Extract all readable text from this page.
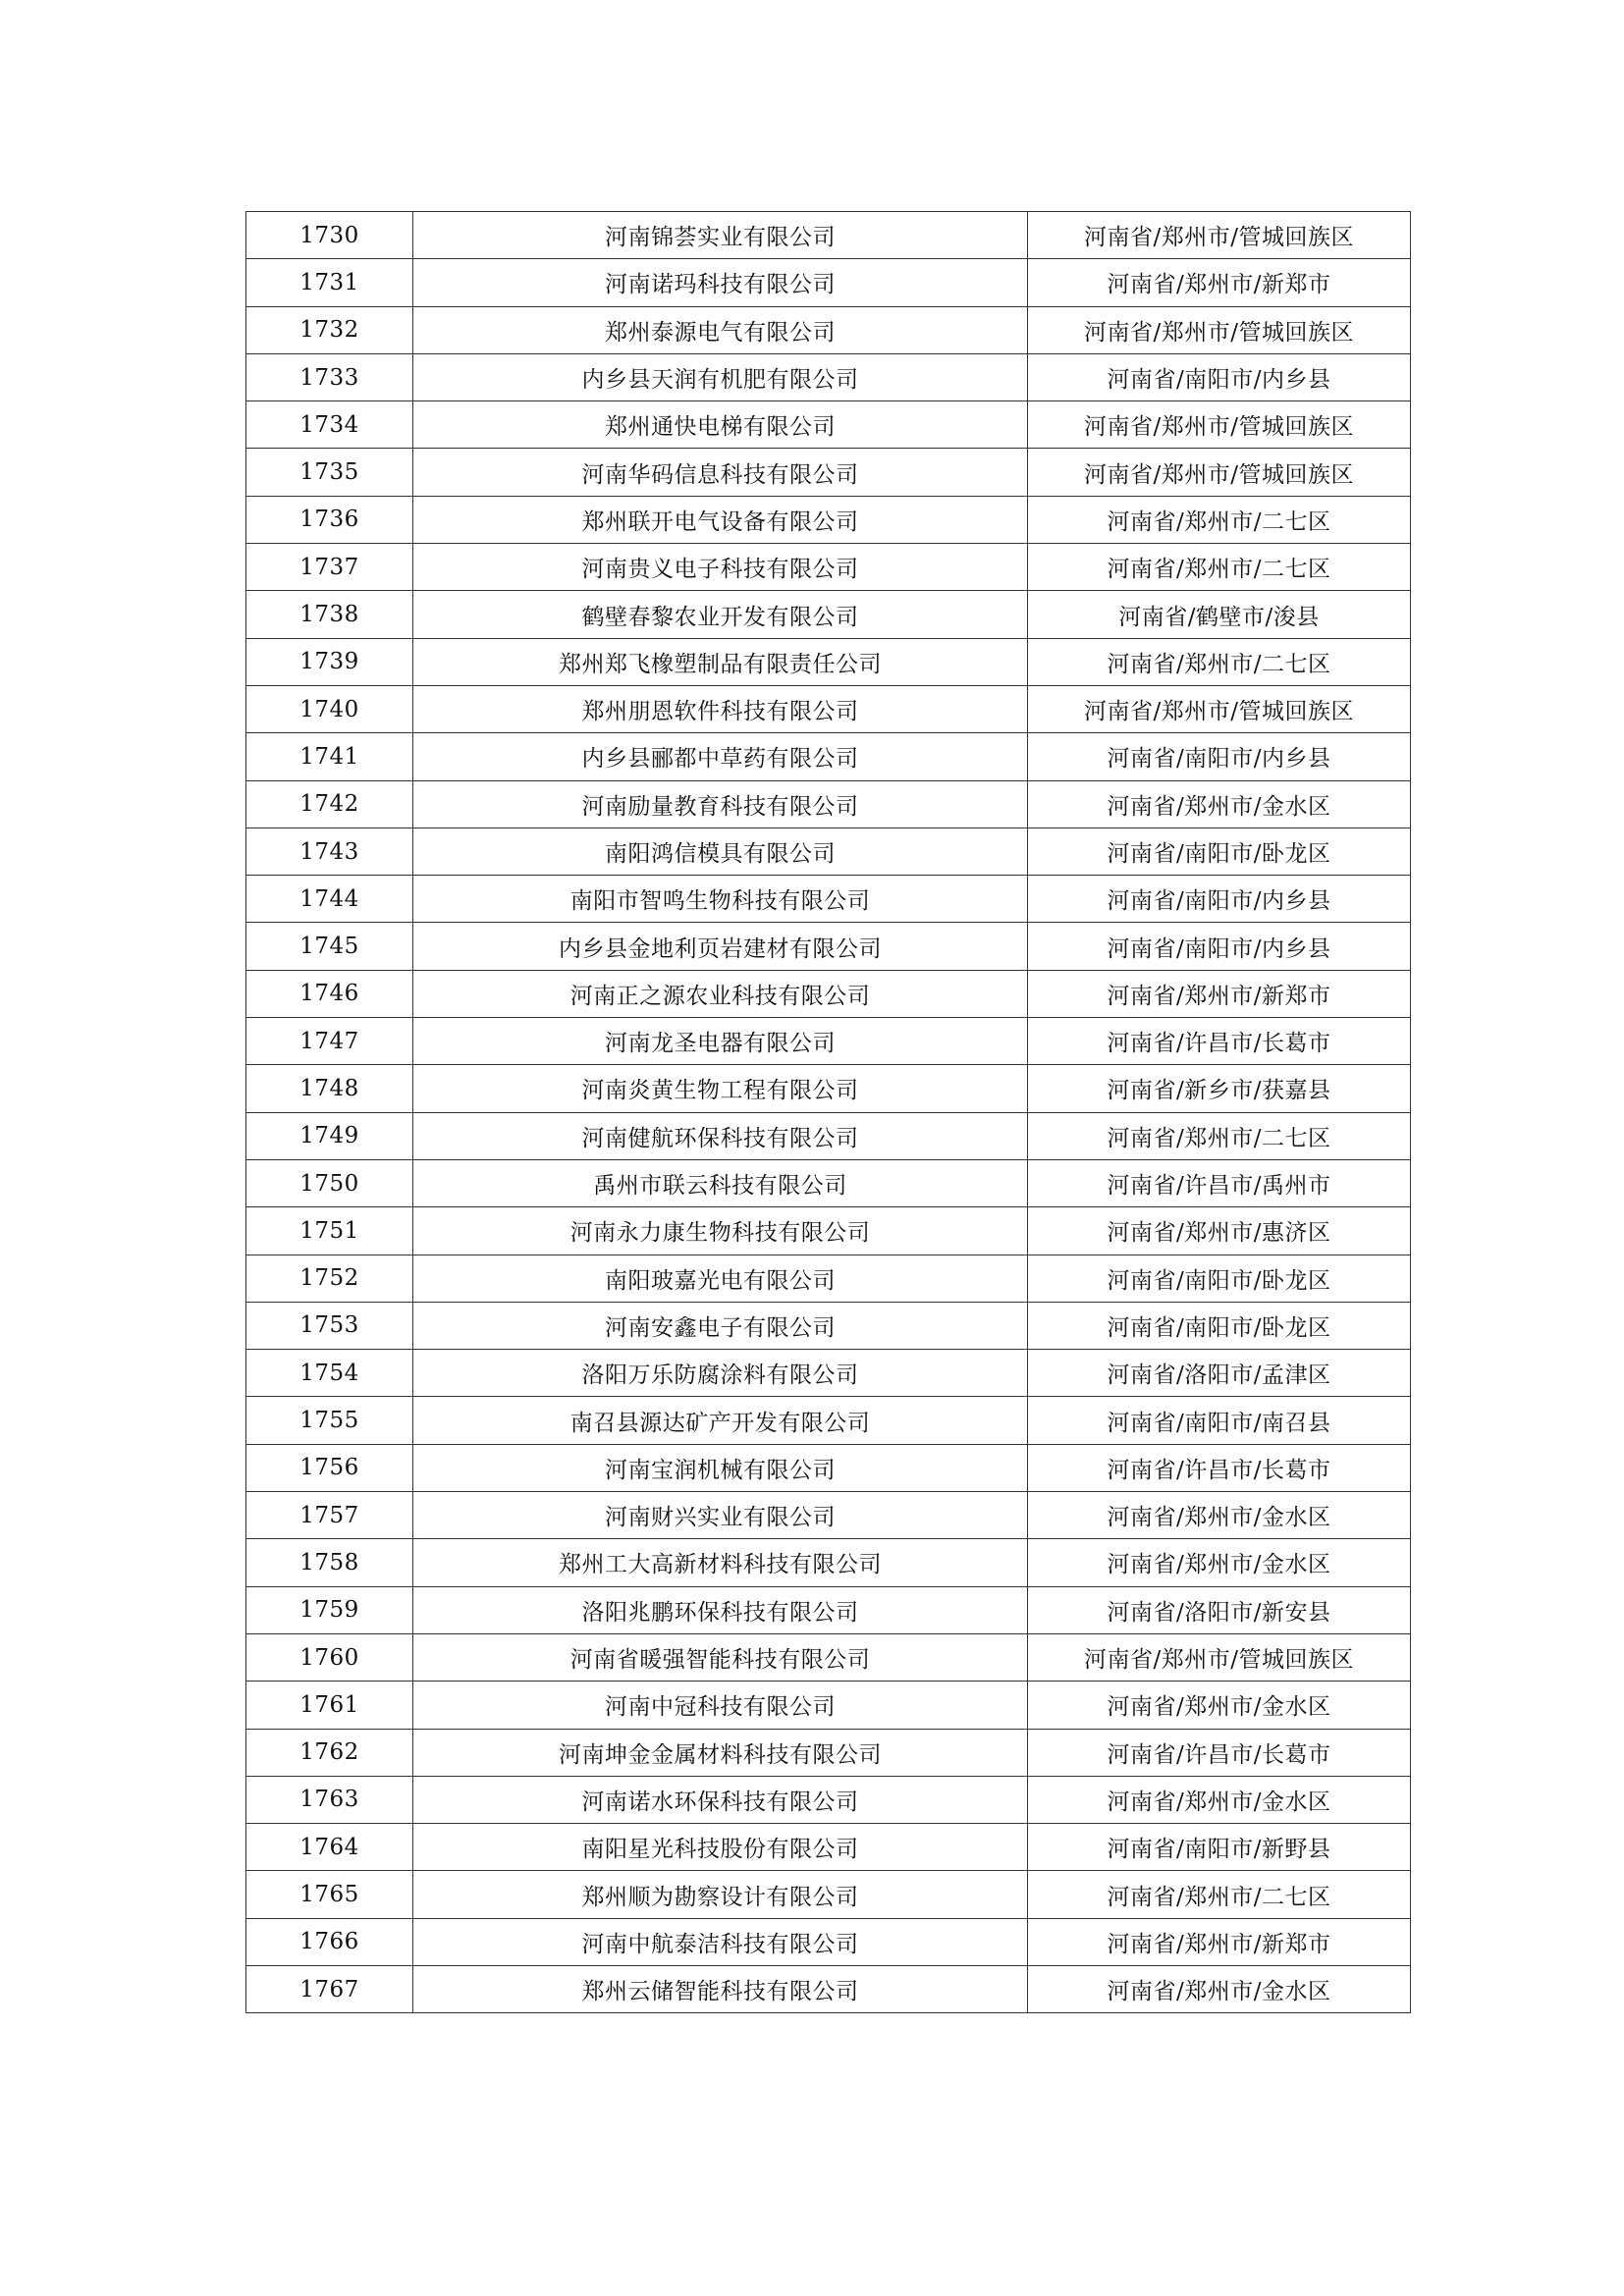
1730	河南锦荟实业有限公司	河南省/郑州市/管城回族区
1731	河南诺玛科技有限公司	河南省/郑州市/新郑市
1732	郑州泰源电气有限公司	河南省/郑州市/管城回族区
1733	内乡县天润有机肥有限公司	河南省/南阳市/内乡县
1734	郑州通快电梯有限公司	河南省/郑州市/管城回族区
1735	河南华码信息科技有限公司	河南省/郑州市/管城回族区
1736	郑州联开电气设备有限公司	河南省/郑州市/二七区
1737	河南贵义电子科技有限公司	河南省/郑州市/二七区
1738	鹤壁春黎农业开发有限公司	河南省/鹤壁市/浚县
1739	郑州郑飞橡塑制品有限责任公司	河南省/郑州市/二七区
1740	郑州朋恩软件科技有限公司	河南省/郑州市/管城回族区
1741	内乡县郦都中草药有限公司	河南省/南阳市/内乡县
1742	河南励量教育科技有限公司	河南省/郑州市/金水区
1743	南阳鸿信模具有限公司	河南省/南阳市/卧龙区
1744	南阳市智鸣生物科技有限公司	河南省/南阳市/内乡县
1745	内乡县金地利页岩建材有限公司	河南省/南阳市/内乡县
1746	河南正之源农业科技有限公司	河南省/郑州市/新郑市
1747	河南龙圣电器有限公司	河南省/许昌市/长葛市
1748	河南炎黄生物工程有限公司	河南省/新乡市/获嘉县
1749	河南健航环保科技有限公司	河南省/郑州市/二七区
1750	禹州市联云科技有限公司	河南省/许昌市/禹州市
1751	河南永力康生物科技有限公司	河南省/郑州市/惠济区
1752	南阳玻嘉光电有限公司	河南省/南阳市/卧龙区
1753	河南安鑫电子有限公司	河南省/南阳市/卧龙区
1754	洛阳万乐防腐涂料有限公司	河南省/洛阳市/孟津区
1755	南召县源达矿产开发有限公司	河南省/南阳市/南召县
1756	河南宝润机械有限公司	河南省/许昌市/长葛市
1757	河南财兴实业有限公司	河南省/郑州市/金水区
1758	郑州工大高新材料科技有限公司	河南省/郑州市/金水区
1759	洛阳兆鹏环保科技有限公司	河南省/洛阳市/新安县
1760	河南省暖强智能科技有限公司	河南省/郑州市/管城回族区
1761	河南中冠科技有限公司	河南省/郑州市/金水区
1762	河南坤金金属材料科技有限公司	河南省/许昌市/长葛市
1763	河南诺水环保科技有限公司	河南省/郑州市/金水区
1764	南阳星光科技股份有限公司	河南省/南阳市/新野县
1765	郑州顺为勘察设计有限公司	河南省/郑州市/二七区
1766	河南中航泰洁科技有限公司	河南省/郑州市/新郑市
1767	郑州云储智能科技有限公司	河南省/郑州市/金水区
